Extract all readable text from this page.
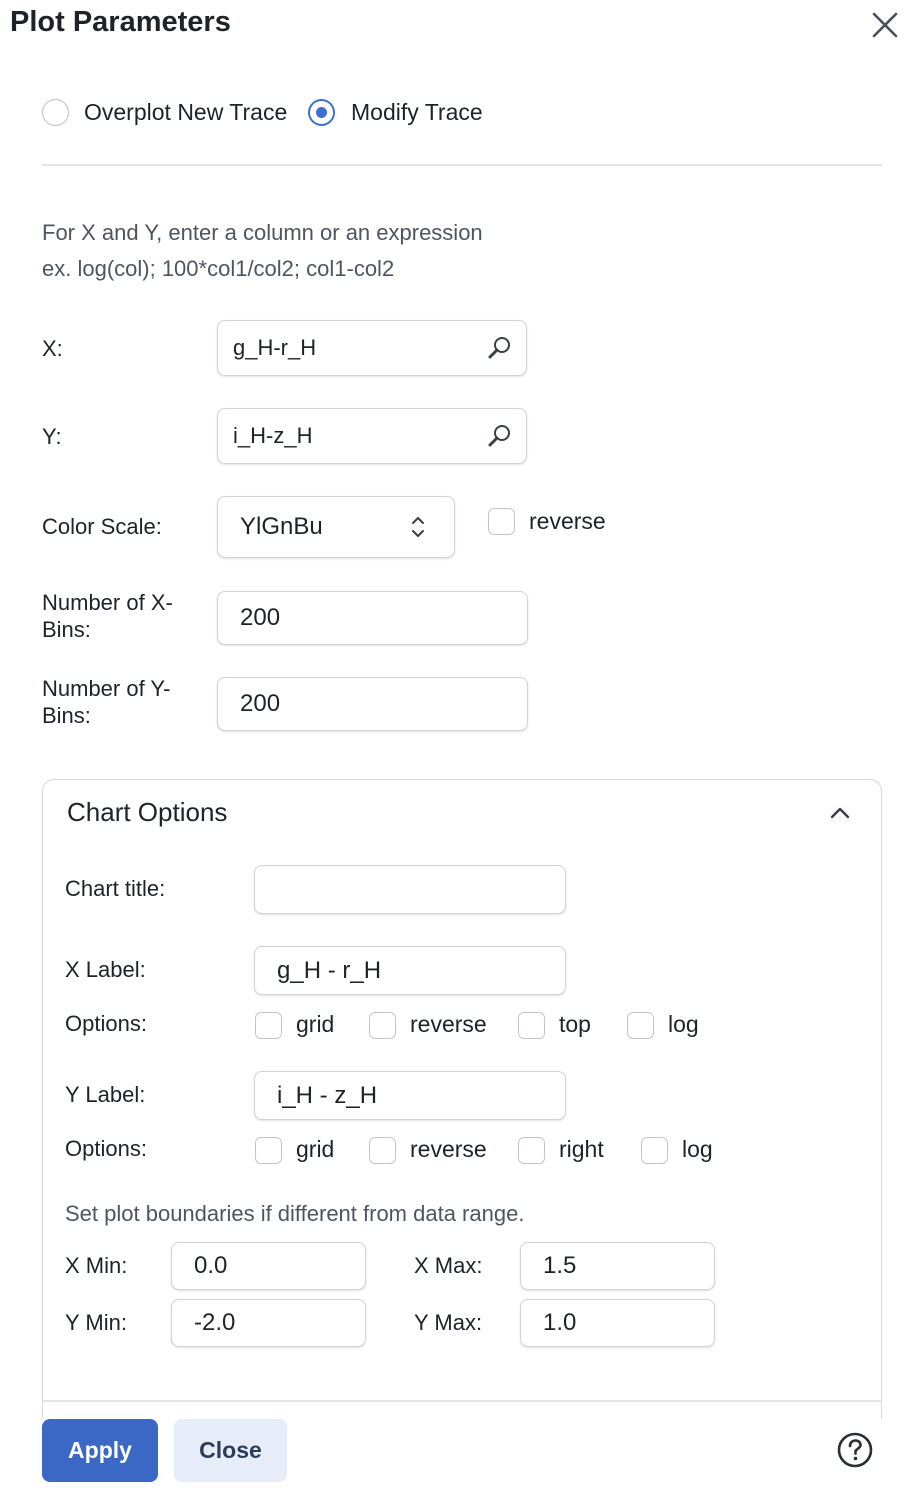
Plot Parameters
Overplot New Trace	Modify Trace
For X and Y, enter a column or an expression
ex. log(col); 100*col1/col2; col1-col2
X:	g_H-r_H
Y:	i_H-z_H
Color Scale:	YlGnBu	reverse
Number of X-
Bins:	200
Number of Y-
Bins:	200
Chart Options
Chart title:
X Label:	g_H - r_H
Options:	grid	reverse	top	log
Y Label:	i_H - z_H
Options:	grid	reverse	right	log
Set plot boundaries if different from data range.
X Min:	0.0	X Max:	1.5
Y Min:	-2.0	Y Max:	1.0
Apply	Close
